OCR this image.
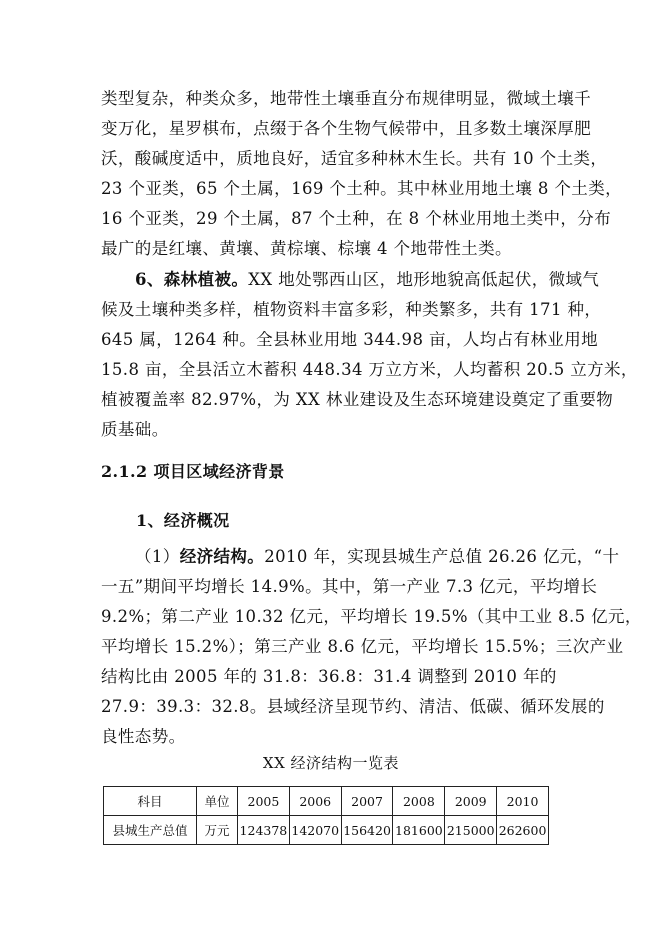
类型复杂，种类众多，地带性土壤垂直分布规律明显，微域土壤千
变万化，星罗棋布，点缀于各个生物气候带中，且多数土壤深厚肥
沃，酸碱度适中，质地良好，适宜多种林木生长。共有 10 个土类，
23 个亚类，65 个土属，169 个土种。其中林业用地土壤 8 个土类，
16 个亚类，29 个土属，87 个土种，在 8 个林业用地土类中，分布
最广的是红壤、黄壤、黄棕壤、棕壤 4 个地带性土类。
6、森林植被。XX 地处鄂西山区，地形地貌高低起伏，微域气
候及土壤种类多样，植物资料丰富多彩，种类繁多，共有 171 种，
645 属，1264 种。全县林业用地 344.98 亩，人均占有林业用地
15.8 亩，全县活立木蓄积 448.34 万立方米，人均蓄积 20.5 立方米，
植被覆盖率 82.97%，为 XX 林业建设及生态环境建设奠定了重要物
质基础。
2.1.2 项目区域经济背景
1、经济概况
（1）经济结构。2010 年，实现县城生产总值 26.26 亿元，“十
一五”期间平均增长 14.9%。其中，第一产业 7.3 亿元，平均增长
9.2%；第二产业 10.32 亿元，平均增长 19.5%（其中工业 8.5 亿元，
平均增长 15.2%）；第三产业 8.6 亿元，平均增长 15.5%；三次产业
结构比由 2005 年的 31.8：36.8：31.4 调整到 2010 年的
27.9：39.3：32.8。县域经济呈现节约、清洁、低碳、循环发展的
良性态势。
XX 经济结构一览表
科目	单位	2005	2006	2007	2008	2009	2010
县城生产总值	万元	124378	142070	156420	181600	215000	262600
